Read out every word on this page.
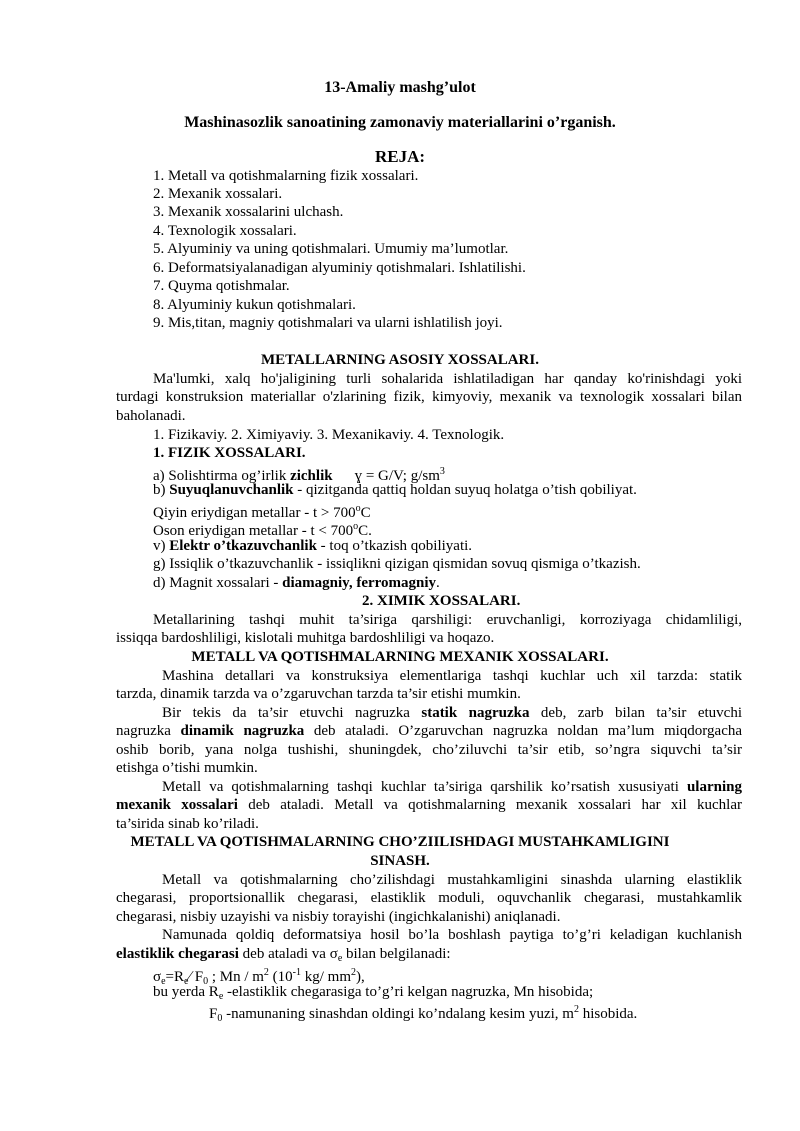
13-Amaliy mashg’ulot
Mashinasozlik sanoatining zamonaviy materiallarini o’rganish.
REJA:
1. Metall va qotishmalarning fizik xossalari.
2. Mexanik xossalari.
3. Mexanik xossalarini ulchash.
4. Texnologik xossalari.
5. Alyuminiy va uning qotishmalari. Umumiy ma’lumotlar.
6. Deformatsiyalanadigan alyuminiy qotishmalari. Ishlatilishi.
7. Quyma qotishmalar.
8. Alyuminiy kukun qotishmalari.
9. Mis,titan, magniy qotishmalari va ularni ishlatilish joyi.
METALLARNING ASOSIY XOSSALARI.
Ma'lumki, xalq ho'jaligining turli sohalarida ishlatiladigan har qanday ko'rinishdagi yoki
turdagi konstruksion materiallar o'zlarining fizik, kimyoviy, mexanik va texnologik xossalari bilan
baholanadi.
1. Fizikaviy. 2. Ximiyaviy. 3. Mexanikaviy. 4. Texnologik.
1. FIZIK XOSSALARI.
a) Solishtirma og’irlik zichlik ɣ = G/V; $g/sm^3$
b) Suyuqlanuvchanlik - qizitganda qattiq holdan suyuq holatga o’tish qobiliyat.
Qiyin eriydigan metallar - $t > 700^oC$
Oson eriydigan metallar - $t < 700^oC$.
v) Elektr o’tkazuvchanlik - toq o’tkazish qobiliyati.
g) Issiqlik o’tkazuvchanlik - issiqlikni qizigan qismidan sovuq qismiga o’tkazish.
d) Magnit xossalari - diamagniy, ferromagniy.
2. XIMIK XOSSALARI.
Metallarining tashqi muhit ta’siriga qarshiligi: eruvchanligi, korroziyaga chidamliligi,
issiqqa bardoshliligi, kislotali muhitga bardoshliligi va hoqazo.
METALL VA QOTISHMALARNING MEXANIK XOSSALARI.
Mashina detallari va konstruksiya elementlariga tashqi kuchlar uch xil tarzda: statik
tarzda, dinamik tarzda va o’zgaruvchan tarzda ta’sir etishi mumkin.
Bir tekis da ta’sir etuvchi nagruzka statik nagruzka deb, zarb bilan ta’sir etuvchi
nagruzka dinamik nagruzka deb ataladi. O’zgaruvchan nagruzka noldan ma’lum miqdorgacha
oshib borib, yana nolga tushishi, shuningdek, cho’ziluvchi ta’sir etib, so’ngra siquvchi ta’sir
etishga o’tishi mumkin.
Metall va qotishmalarning tashqi kuchlar ta’siriga qarshilik ko’rsatish xususiyati ularning
mexanik xossalari deb ataladi. Metall va qotishmalarning mexanik xossalari har xil kuchlar
ta’sirida sinab ko’riladi.
METALL VA QOTISHMALARNING CHO’ZIILISHDAGI MUSTAHKAMLIGINI
SINASH.
Metall va qotishmalarning cho’zilishdagi mustahkamligini sinashda ularning elastiklik
chegarasi, proportsionallik chegarasi, elastiklik moduli, oquvchanlik chegarasi, mustahkamlik
chegarasi, nisbiy uzayishi va nisbiy torayishi (ingichkalanishi) aniqlanadi.
Namunada qoldiq deformatsiya hosil bo’la boshlash paytiga to’g’ri keladigan kuchlanish
elastiklik chegarasi deb ataladi va $\sigma_e$ bilan belgilanadi:
$\sigma_e=R_e∕$ $F_0$ ; Mn / $m^2$ ($10^{-1}$ kg/ $mm^2$),
bu yerda $R_e$ -elastiklik chegarasiga to’g’ri kelgan nagruzka, Mn hisobida;
$F_0$ -namunaning sinashdan oldingi ko’ndalang kesim yuzi, $m^2$ hisobida.
